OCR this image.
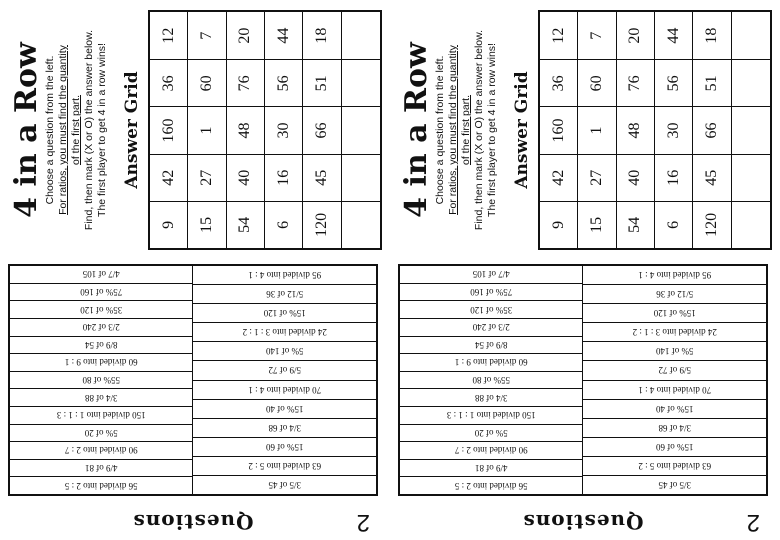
Questions	2
3/5 of 45
63 divided into 5 : 2
15% of 60
3/4 of 68
15% of 40
70 divided into 4 : 1
5/9 of 72
5% of 140
24 divided into 3 : 1 : 2
15% of 120
5/12 of 36
95 divided into 4 : 1
56 divided into 2 : 5
4/9 of 81
90 divided into 2 : 7
5% of 20
150 divided into 1 : 1 : 3
3/4 of 88
55% of 80
60 divided into 9 : 1
8/9 of 54
2/3 of 240
35% of 120
75% of 160
4/7 of 105
4 in a Row Choose a question from the left. For ratios, you must find the quantity of the first part. Find, then mark (X or O) the answer below. The first player to get 4 in a row wins! Answer Grid
9
42
160
36
12
15
27
1
60
7
54
40
48
76
20
6
16
30
56
44
120
45
66
51
18
Questions	2
3/5 of 45
63 divided into 5 : 2
15% of 60
3/4 of 68
15% of 40
70 divided into 4 : 1
5/9 of 72
5% of 140
24 divided into 3 : 1 : 2
15% of 120
5/12 of 36
95 divided into 4 : 1
56 divided into 2 : 5
4/9 of 81
90 divided into 2 : 7
5% of 20
150 divided into 1 : 1 : 3
3/4 of 88
55% of 80
60 divided into 9 : 1
8/9 of 54
2/3 of 240
35% of 120
75% of 160
4/7 of 105
4 in a Row Choose a question from the left. For ratios, you must find the quantity of the first part. Find, then mark (X or O) the answer below. The first player to get 4 in a row wins! Answer Grid
9
42
160
36
12
15
27
1
60
7
54
40
48
76
20
6
16
30
56
44
120
45
66
51
18
